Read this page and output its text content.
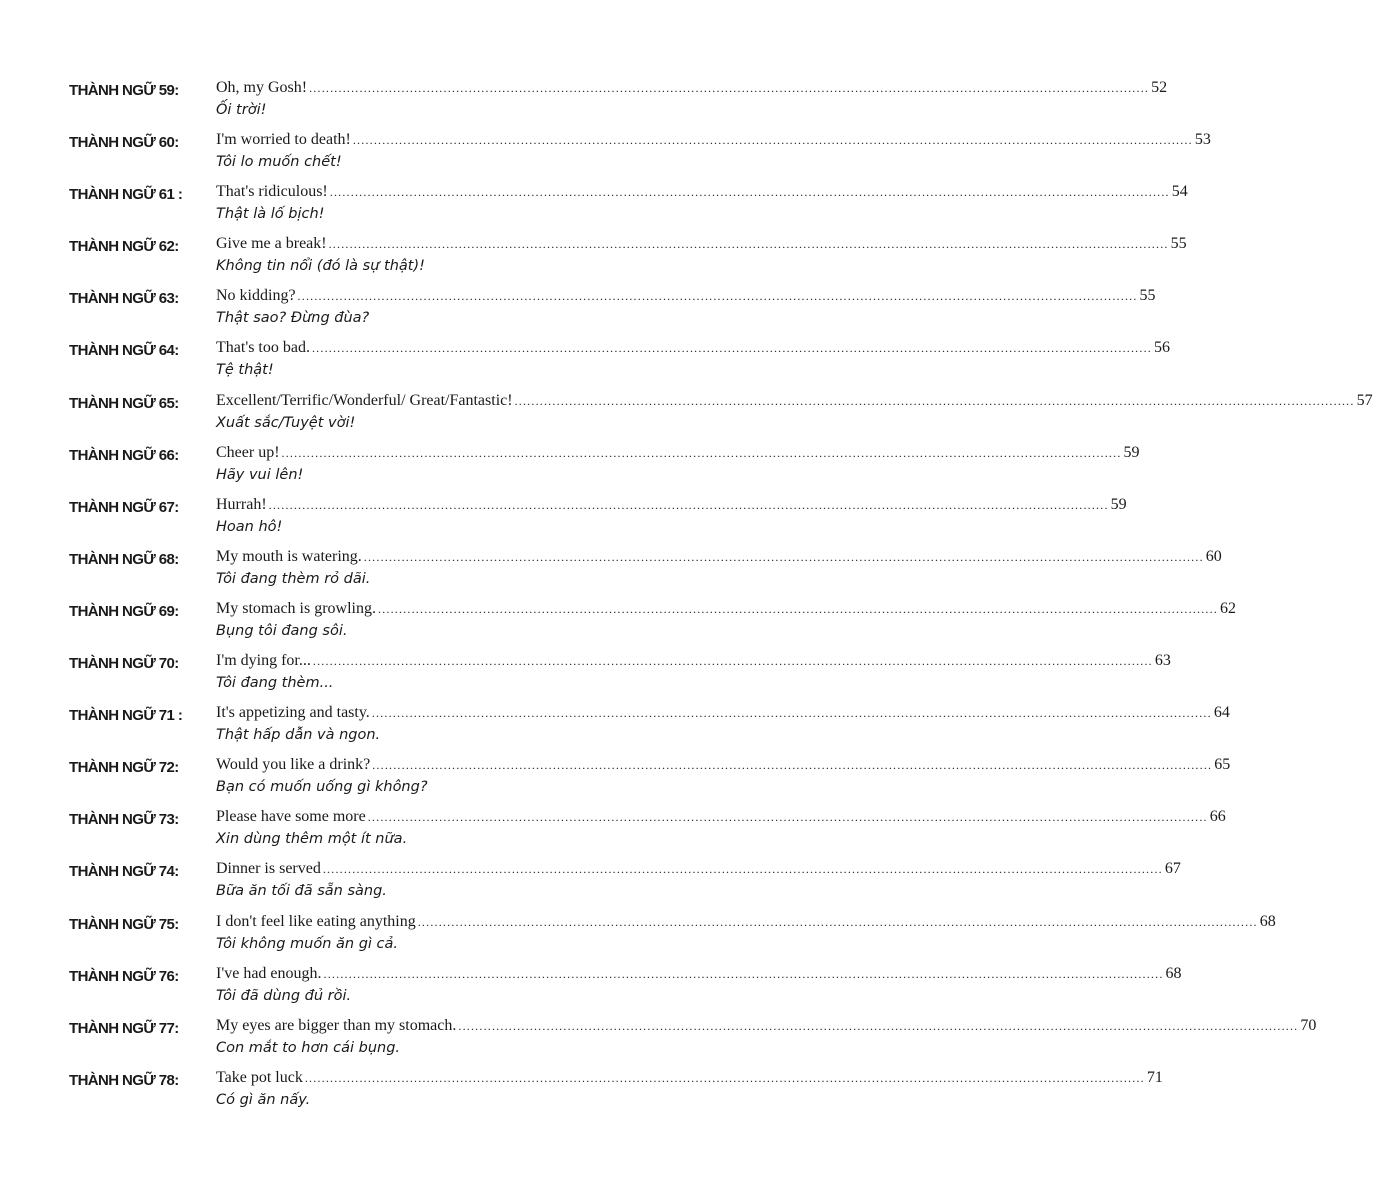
THÀNH NGỮ 59: Oh, my Gosh! ........................................................................................................................................................................................................ 52
Ối trời!
THÀNH NGỮ 60: I'm worried to death! ........................................................................................................................................................................................................ 53
Tôi lo muốn chết!
THÀNH NGỮ 61 : That's ridiculous! ........................................................................................................................................................................................................ 54
Thật là lố bịch!
THÀNH NGỮ 62: Give me a break! ........................................................................................................................................................................................................ 55
Không tin nổi (đó là sự thật)!
THÀNH NGỮ 63: No kidding? ........................................................................................................................................................................................................ 55
Thật sao? Đừng đùa?
THÀNH NGỮ 64: That's too bad. ........................................................................................................................................................................................................ 56
Tệ thật!
THÀNH NGỮ 65: Excellent/Terrific/Wonderful/ Great/Fantastic! ........................................................................................................................................................................................................ 57
Xuất sắc/Tuyệt vời!
THÀNH NGỮ 66: Cheer up! ........................................................................................................................................................................................................ 59
Hãy vui lên!
THÀNH NGỮ 67: Hurrah! ........................................................................................................................................................................................................ 59
Hoan hô!
THÀNH NGỮ 68: My mouth is watering. ........................................................................................................................................................................................................ 60
Tôi đang thèm rỏ dãi.
THÀNH NGỮ 69: My stomach is growling. ........................................................................................................................................................................................................ 62
Bụng tôi đang sôi.
THÀNH NGỮ 70: I'm dying for... ........................................................................................................................................................................................................ 63
Tôi đang thèm...
THÀNH NGỮ 71 : It's appetizing and tasty. ........................................................................................................................................................................................................ 64
Thật hấp dẫn và ngon.
THÀNH NGỮ 72: Would you like a drink? ........................................................................................................................................................................................................ 65
Bạn có muốn uống gì không?
THÀNH NGỮ 73: Please have some more ........................................................................................................................................................................................................ 66
Xin dùng thêm một ít nữa.
THÀNH NGỮ 74: Dinner is served ........................................................................................................................................................................................................ 67
Bữa ăn tối đã sẵn sàng.
THÀNH NGỮ 75: I don't feel like eating anything ........................................................................................................................................................................................................ 68
Tôi không muốn ăn gì cả.
THÀNH NGỮ 76: I've had enough. ........................................................................................................................................................................................................ 68
Tôi đã dùng đủ rồi.
THÀNH NGỮ 77: My eyes are bigger than my stomach. ........................................................................................................................................................................................................ 70
Con mắt to hơn cái bụng.
THÀNH NGỮ 78: Take pot luck ........................................................................................................................................................................................................ 71
Có gì ăn nấy.
